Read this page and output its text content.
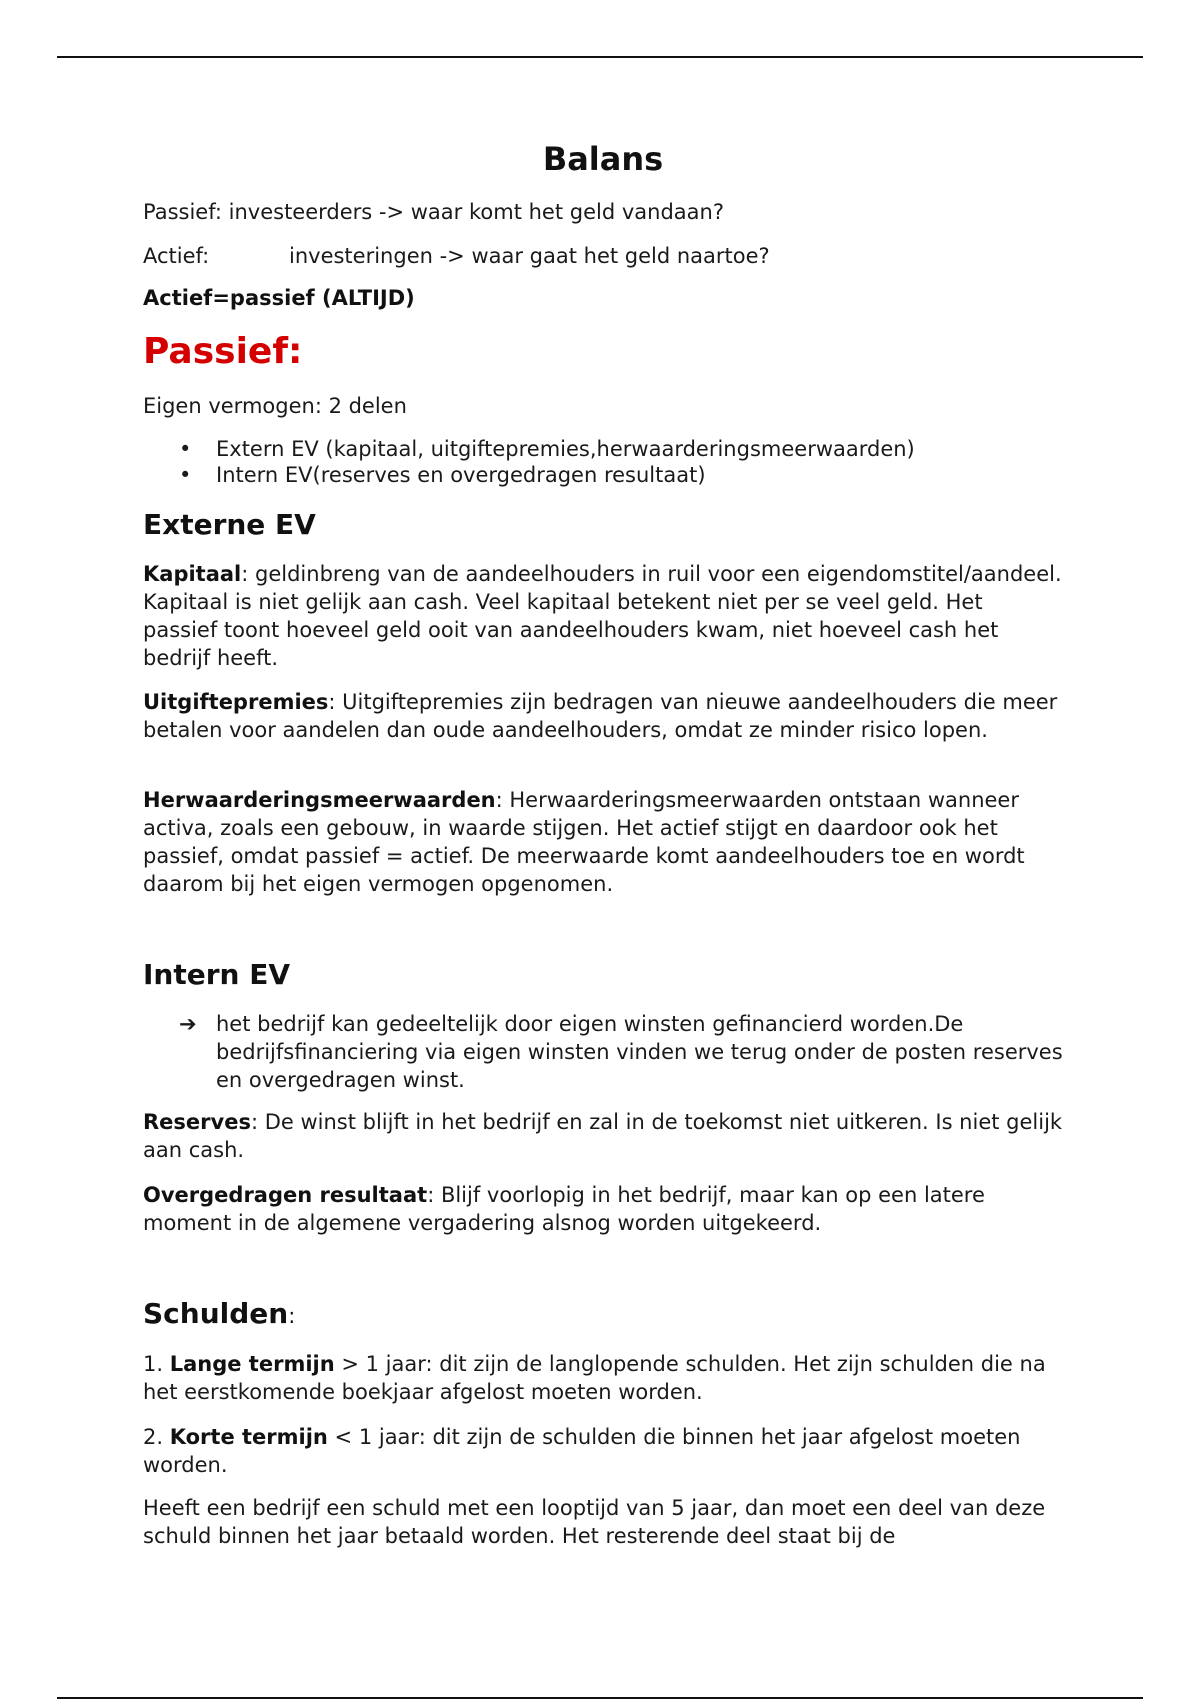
Balans

Passief: investeerders -> waar komt het geld vandaan?

Actief:	investeringen -> waar gaat het geld naartoe?

Actief=passief (ALTIJD)

Passief:

Eigen vermogen: 2 delen

• Extern EV (kapitaal, uitgiftepremies,herwaarderingsmeerwaarden)
• Intern EV(reserves en overgedragen resultaat)
Externe EV

Kapitaal: geldinbreng van de aandeelhouders in ruil voor een eigendomstitel/aandeel. Kapitaal is niet gelijk aan cash. Veel kapitaal betekent niet per se veel geld. Het passief toont hoeveel geld ooit van aandeelhouders kwam, niet hoeveel cash het bedrijf heeft.

Uitgiftepremies: Uitgiftepremies zijn bedragen van nieuwe aandeelhouders die meer betalen voor aandelen dan oude aandeelhouders, omdat ze minder risico lopen.

Herwaarderingsmeerwaarden: Herwaarderingsmeerwaarden ontstaan wanneer activa, zoals een gebouw, in waarde stijgen. Het actief stijgt en daardoor ook het passief, omdat passief = actief. De meerwaarde komt aandeelhouders toe en wordt daarom bij het eigen vermogen opgenomen.

Intern EV
➔ het bedrijf kan gedeeltelijk door eigen winsten gefinancierd worden.De bedrijfsfinanciering via eigen winsten vinden we terug onder de posten reserves en overgedragen winst.

Reserves: De winst blijft in het bedrijf en zal in de toekomst niet uitkeren. Is niet gelijk aan cash.

Overgedragen resultaat: Blijf voorlopig in het bedrijf, maar kan op een latere moment in de algemene vergadering alsnog worden uitgekeerd.

Schulden:

1. Lange termijn > 1 jaar: dit zijn de langlopende schulden. Het zijn schulden die na het eerstkomende boekjaar afgelost moeten worden.

2. Korte termijn < 1 jaar: dit zijn de schulden die binnen het jaar afgelost moeten worden.

Heeft een bedrijf een schuld met een looptijd van 5 jaar, dan moet een deel van deze schuld binnen het jaar betaald worden. Het resterende deel staat bij de
